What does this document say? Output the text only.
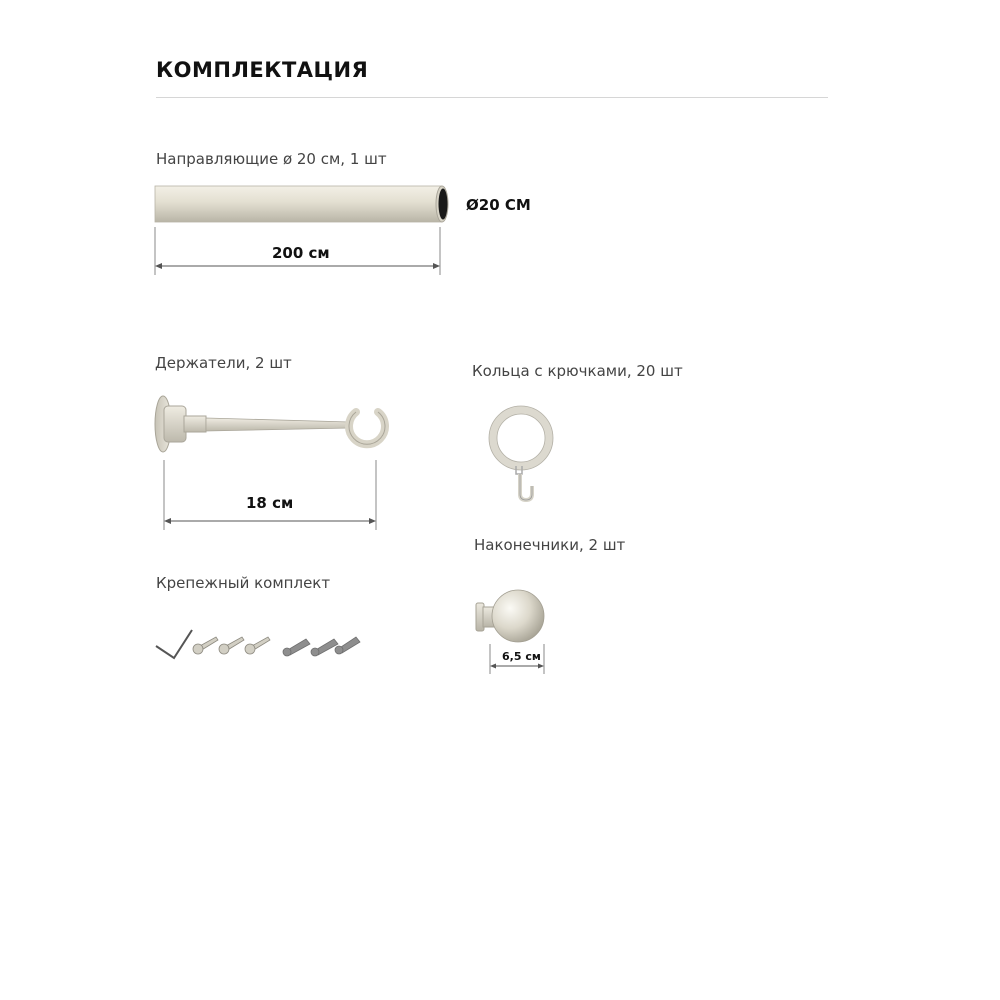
КОМПЛЕКТАЦИЯ
Направляющие ø 20 см, 1 шт
Ø20 СМ
200 см
Держатели, 2 шт
18 см
Кольца с крючками, 20 шт
Наконечники, 2 шт
6,5 см
Крепежный комплект
